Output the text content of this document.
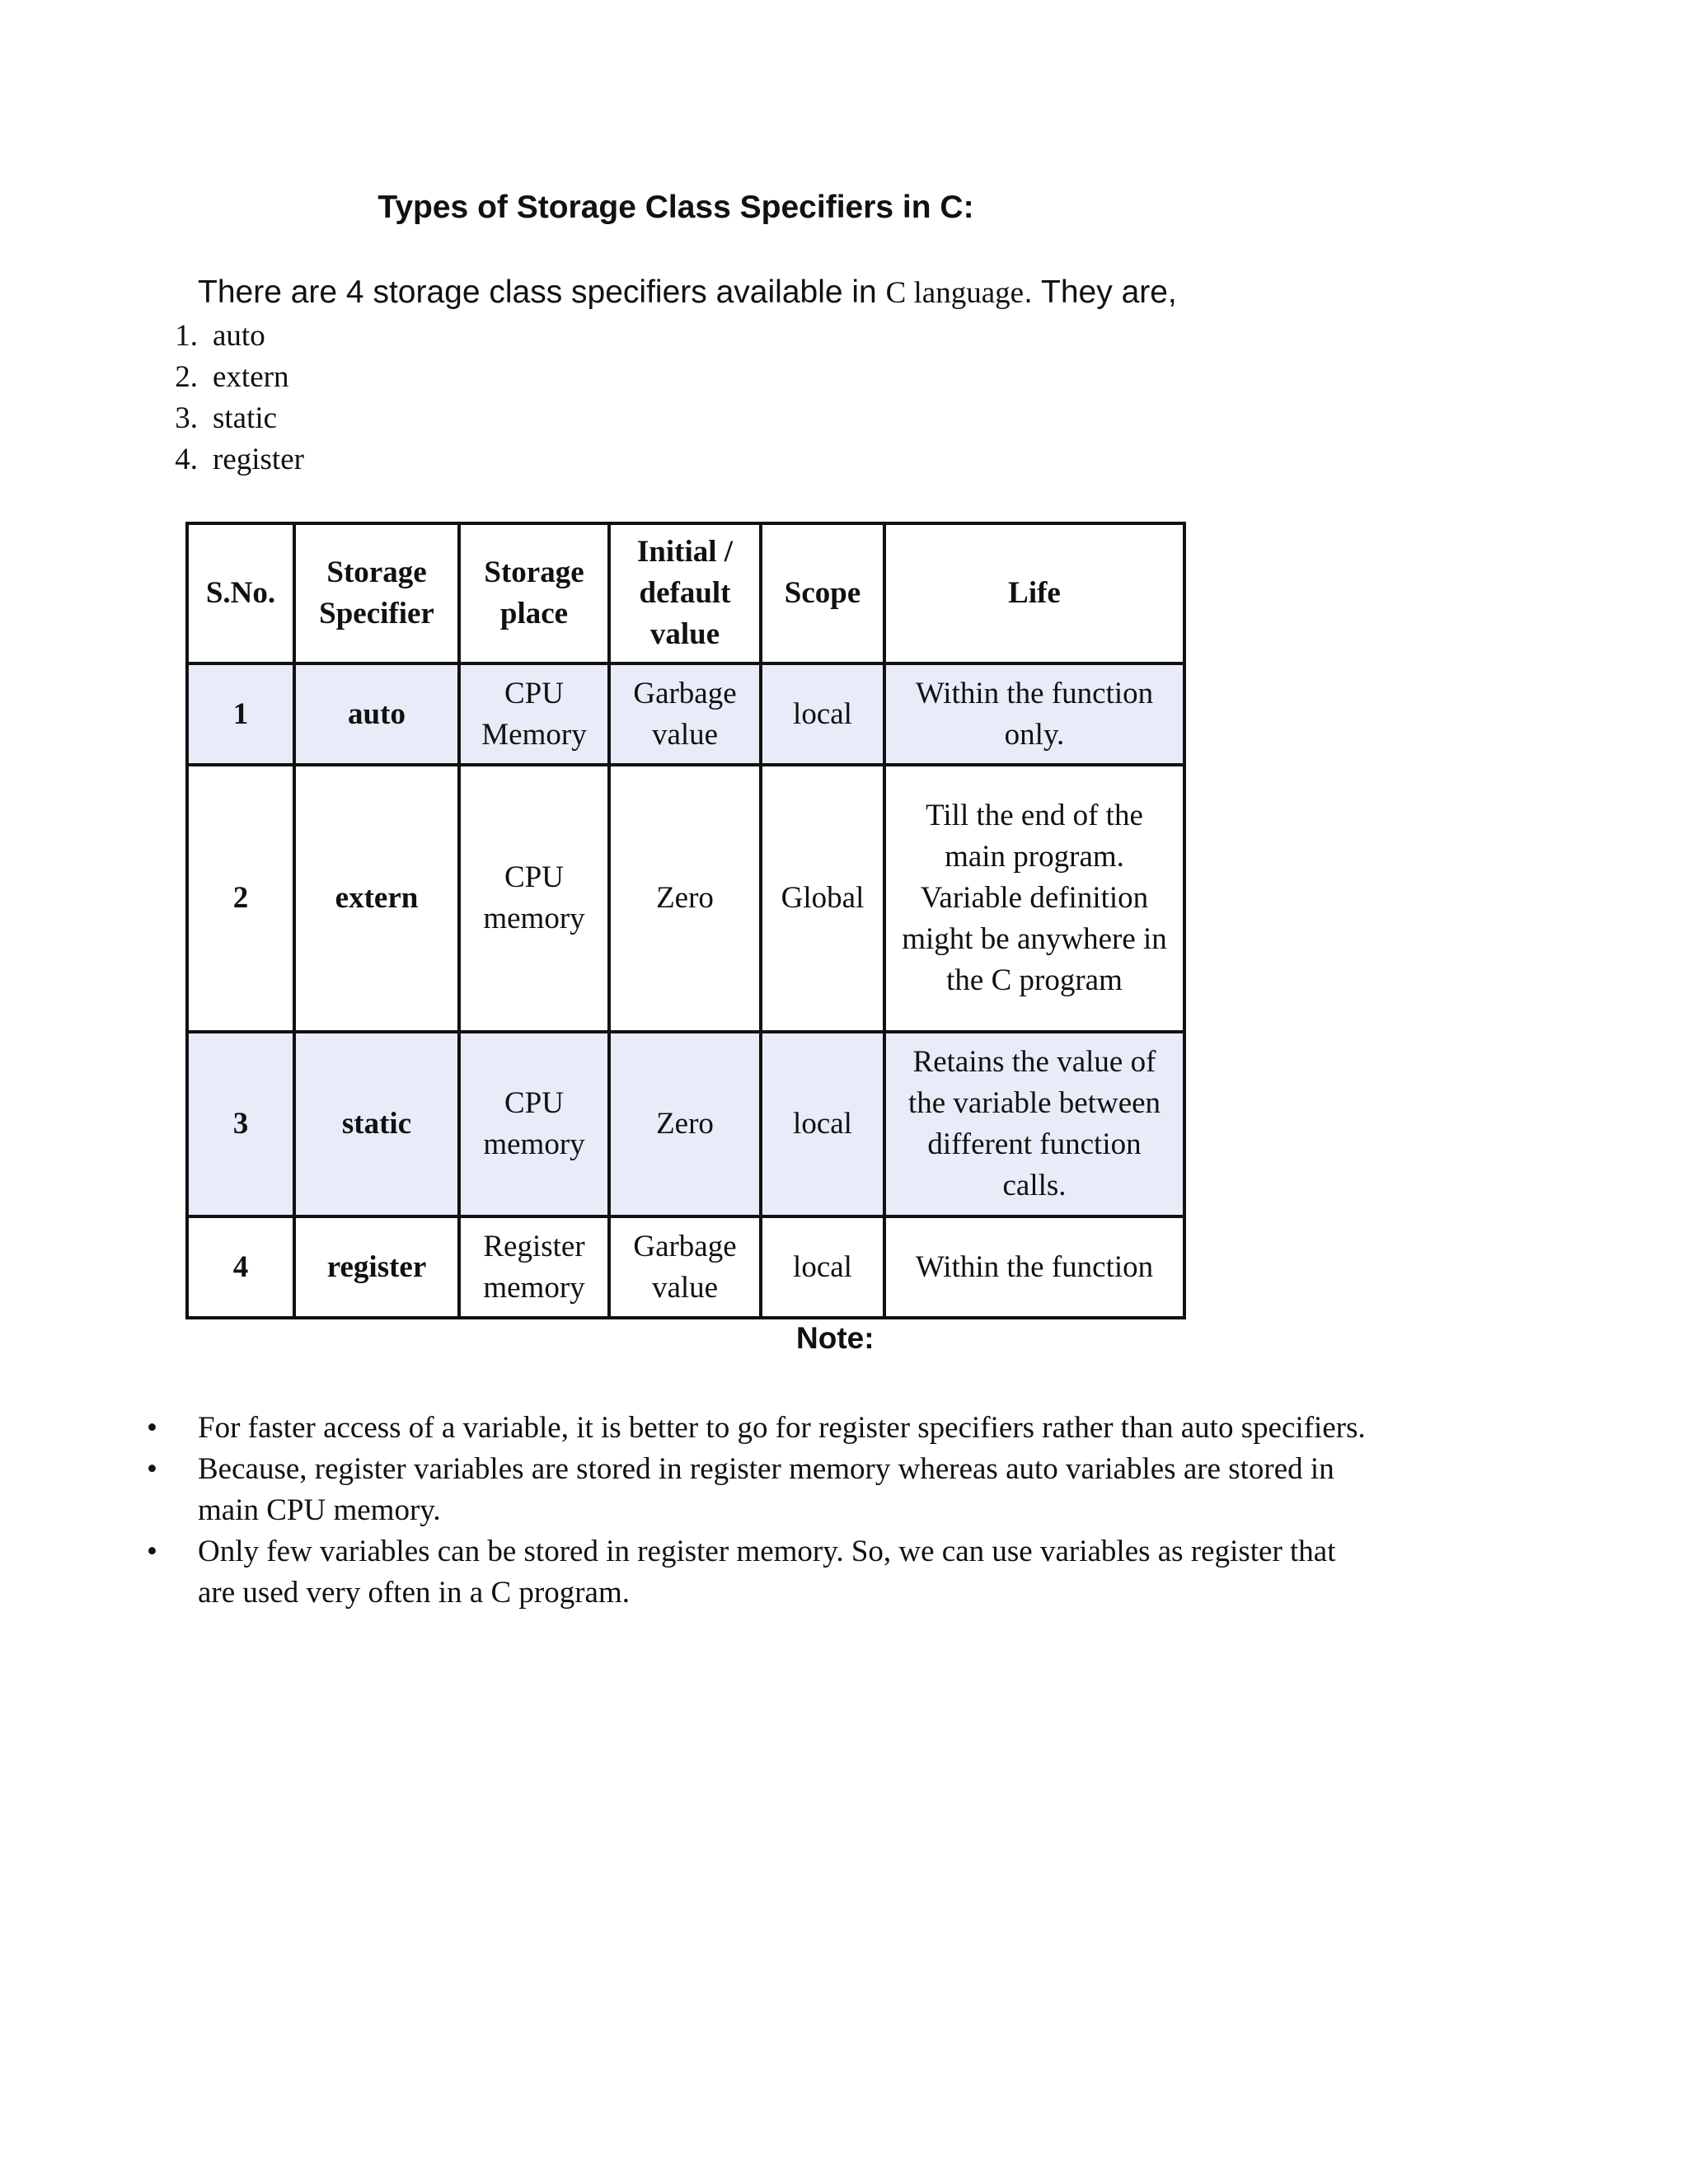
Types of Storage Class Specifiers in C:

There are 4 storage class specifiers available in C language. They are,

1. auto
2. extern
3. static
4. register
S.No.	Storage Specifier	Storage place	Initial / default value	Scope	Life
1	auto	CPU Memory	Garbage value	local	Within the function only.
2	extern	CPU memory	Zero	Global	Till the end of the main program. Variable definition might be anywhere in the C program
3	static	CPU memory	Zero	local	Retains the value of the variable between different function calls.
4	register	Register memory	Garbage value	local	Within the function

Note:

• For faster access of a variable, it is better to go for register specifiers rather than auto specifiers.
• Because, register variables are stored in register memory whereas auto variables are stored in main CPU memory.
• Only few variables can be stored in register memory. So, we can use variables as register that are used very often in a C program.
